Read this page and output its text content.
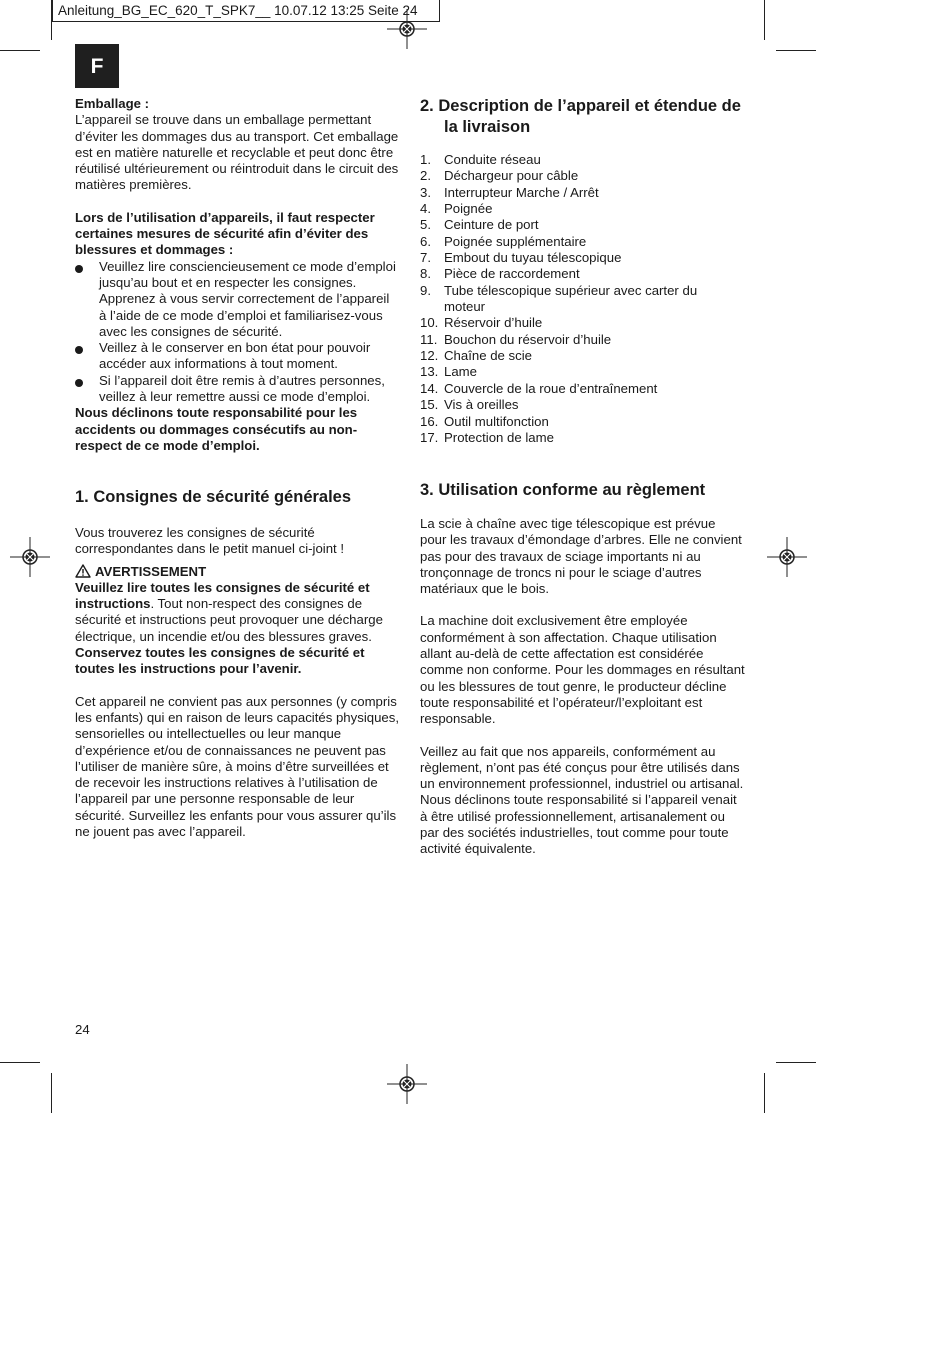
Anleitung_BG_EC_620_T_SPK7__ 10.07.12 13:25 Seite 24
F

Emballage :

L’appareil se trouve dans un emballage permettant d’éviter les dommages dus au transport. Cet emballage est en matière naturelle et recyclable et peut donc être réutilisé ultérieurement ou réintroduit dans le circuit des matières premières.

Lors de l’utilisation d’appareils, il faut respecter certaines mesures de sécurité afin d’éviter des blessures et dommages :

Veuillez lire consciencieusement ce mode d’emploi jusqu’au bout et en respecter les consignes. Apprenez à vous servir correctement de l’appareil à l’aide de ce mode d’emploi et familiarisez-vous avec les consignes de sécurité.
Veillez à le conserver en bon état pour pouvoir accéder aux informations à tout moment.
Si l’appareil doit être remis à d’autres personnes, veillez à leur remettre aussi ce mode d’emploi.

Nous déclinons toute responsabilité pour les accidents ou dommages consécutifs au non-respect de ce mode d’emploi.

1. Consignes de sécurité générales

Vous trouverez les consignes de sécurité correspondantes dans le petit manuel ci-joint !

AVERTISSEMENT

Veuillez lire toutes les consignes de sécurité et instructions. Tout non-respect des consignes de sécurité et instructions peut provoquer une décharge électrique, un incendie et/ou des blessures graves.

Conservez toutes les consignes de sécurité et toutes les instructions pour l’avenir.

Cet appareil ne convient pas aux personnes (y compris les enfants) qui en raison de leurs capacités physiques, sensorielles ou intellectuelles ou leur manque d’expérience et/ou de connaissances ne peuvent pas l’utiliser de manière sûre, à moins d’être surveillées et de recevoir les instructions relatives à l’utilisation de l’appareil par une personne responsable de leur sécurité. Surveillez les enfants pour vous assurer qu’ils ne jouent pas avec l’appareil.

2. Description de l’appareil et étendue de la livraison
1. Conduite réseau
2. Déchargeur pour câble
3. Interrupteur Marche / Arrêt
4. Poignée
5. Ceinture de port
6. Poignée supplémentaire
7. Embout du tuyau télescopique
8. Pièce de raccordement
9. Tube télescopique supérieur avec carter du moteur
10. Réservoir d’huile
11. Bouchon du réservoir d’huile
12. Chaîne de scie
13. Lame
14. Couvercle de la roue d’entraînement
15. Vis à oreilles
16. Outil multifonction
17. Protection de lame
3. Utilisation conforme au règlement

La scie à chaîne avec tige télescopique est prévue pour les travaux d’émondage d’arbres. Elle ne convient pas pour des travaux de sciage importants ni au tronçonnage de troncs ni pour le sciage d’autres matériaux que le bois.

La machine doit exclusivement être employée conformément à son affectation. Chaque utilisation allant au-delà de cette affectation est considérée comme non conforme. Pour les dommages en résultant ou les blessures de tout genre, le producteur décline toute responsabilité et l’opérateur/l’exploitant est responsable.

Veillez au fait que nos appareils, conformément au règlement, n’ont pas été conçus pour être utilisés dans un environnement professionnel, industriel ou artisanal. Nous déclinons toute responsabilité si l’appareil venait à être utilisé professionnellement, artisanalement ou par des sociétés industrielles, tout comme pour toute activité équivalente.

24
